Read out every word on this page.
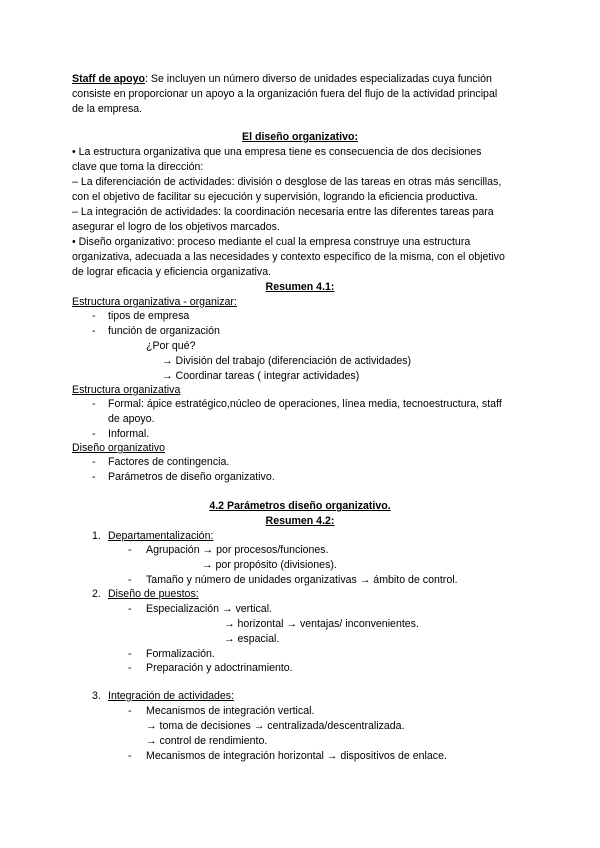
Staff de apoyo: Se incluyen un número diverso de unidades especializadas cuya función
consiste en proporcionar un apoyo a la organización fuera del flujo de la actividad principal
de la empresa.
El diseño organizativo:
• La estructura organizativa que una empresa tiene es consecuencia de dos decisiones
clave que toma la dirección:
– La diferenciación de actividades: división o desglose de las tareas en otras más sencillas,
con el objetivo de facilitar su ejecución y supervisión, logrando la eficiencia productiva.
– La integración de actividades: la coordinación necesaria entre las diferentes tareas para
asegurar el logro de los objetivos marcados.
• Diseño organizativo: proceso mediante el cual la empresa construye una estructura
organizativa, adecuada a las necesidades y contexto específico de la misma, con el objetivo
de lograr eficacia y eficiencia organizativa.
Resumen 4.1:
Estructura organizativa - organizar:
- tipos de empresa
- función de organización
¿Por qué?
→ División del trabajo (diferenciación de actividades)
→ Coordinar tareas ( integrar actividades)
Estructura organizativa
- Formal: ápice estratégico,núcleo de operaciones, línea media, tecnoestructura, staff
de apoyo.
- Informal.
Diseño organizativo
- Factores de contingencia.
- Parámetros de diseño organizativo.
4.2 Parámetros diseño organizativo.
Resumen 4.2:
1. Departamentalización:
- Agrupación → por procesos/funciones.
→ por propósito (divisiones).
- Tamaño y número de unidades organizativas → ámbito de control.
2. Diseño de puestos:
- Especialización → vertical.
→ horizontal → ventajas/ inconvenientes.
→ espacial.
- Formalización.
- Preparación y adoctrinamiento.
3. Integración de actividades:
- Mecanismos de integración vertical.
→ toma de decisiones → centralizada/descentralizada.
→ control de rendimiento.
- Mecanismos de integración horizontal → dispositivos de enlace.
